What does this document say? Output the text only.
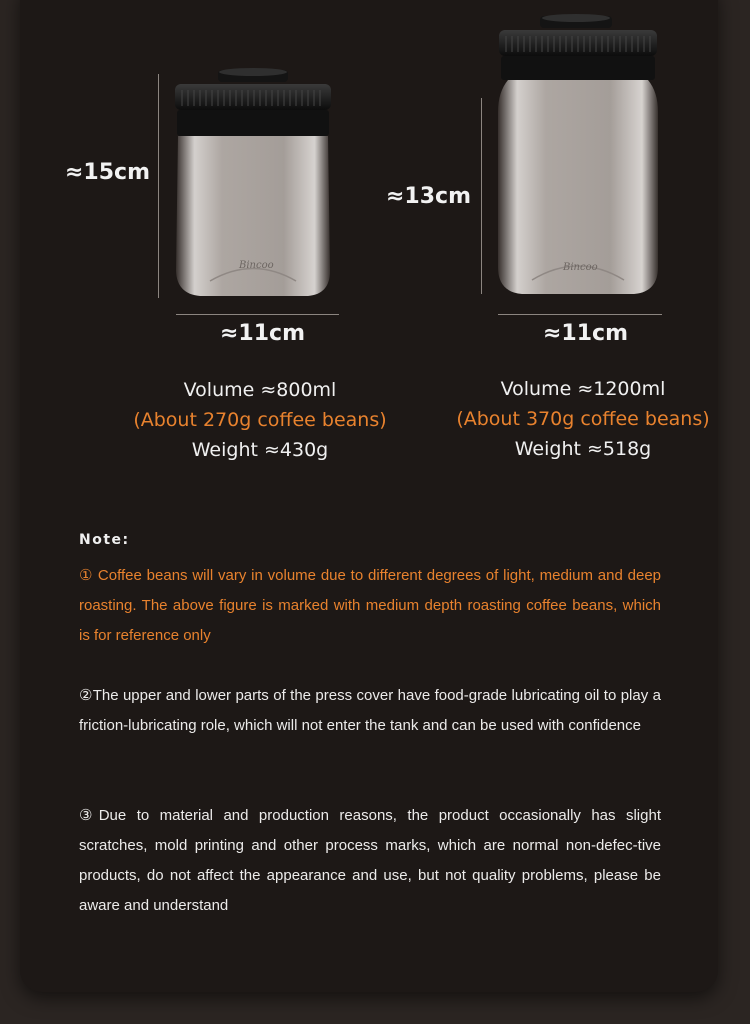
≈15cm
Bincoo
≈11cm
Volume ≈800ml
(About 270g coffee beans)
Weight ≈430g
≈13cm
Bincoo
≈11cm
Volume ≈1200ml
(About 370g coffee beans)
Weight ≈518g
Note:
① Coffee beans will vary in volume due to different degrees of light, medium and deep roasting. The above figure is marked with medium depth roasting coffee beans, which is for reference only
②The upper and lower parts of the press cover have food-grade lubricating oil to play a friction-lubricating role, which will not enter the tank and can be used with confidence
③Due to material and production reasons, the product occasionally has slight scratches, mold printing and other process marks, which are normal non-defec-tive products, do not affect the appearance and use, but not quality problems, please be aware and understand
